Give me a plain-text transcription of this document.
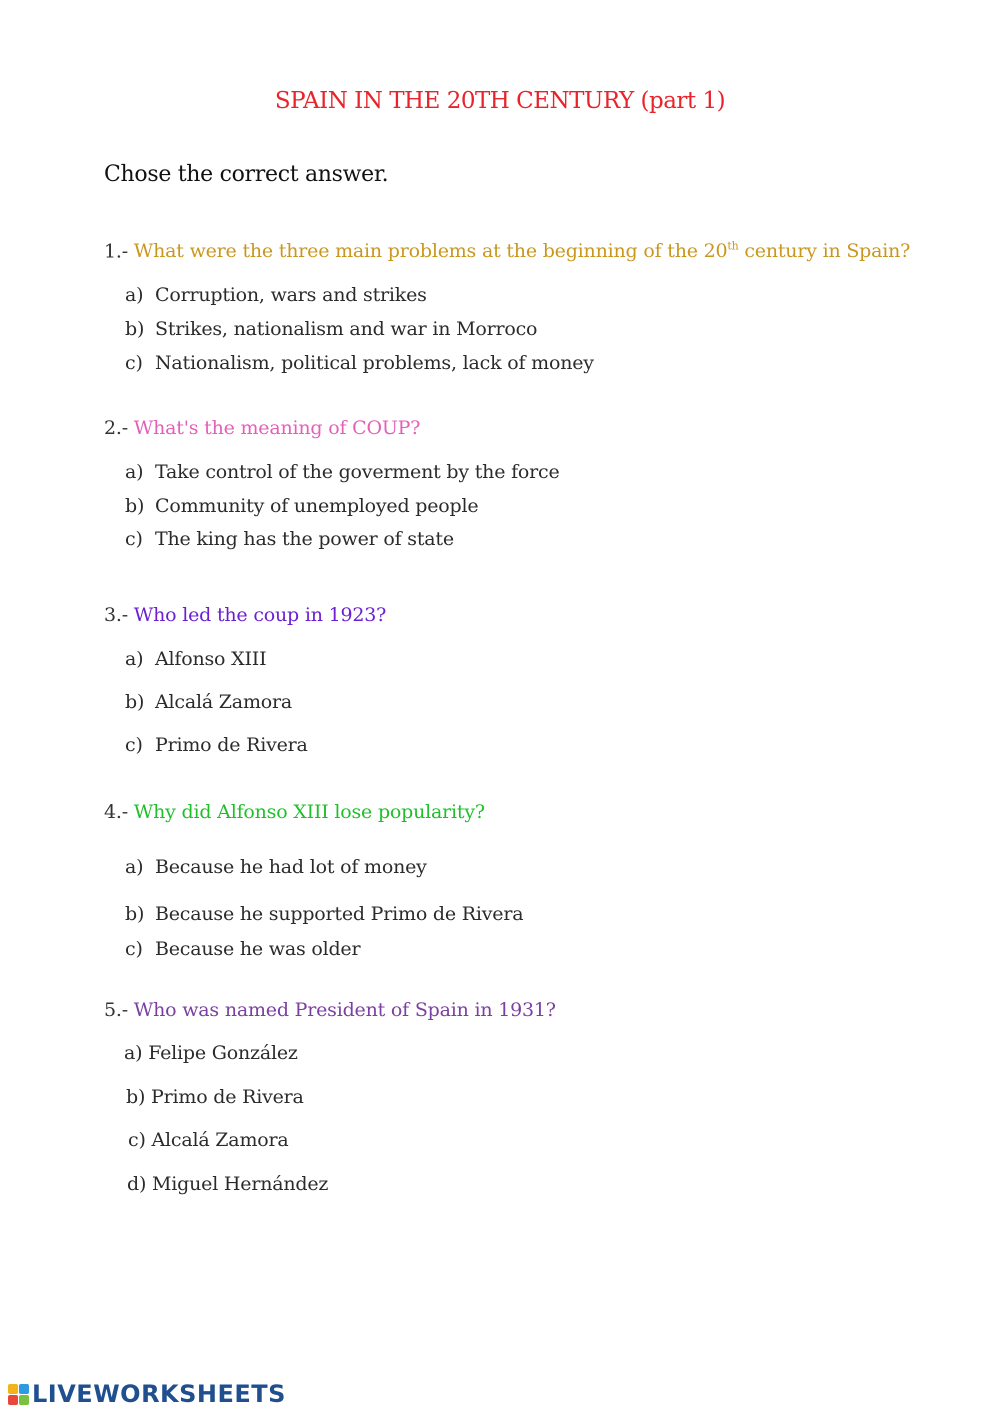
SPAIN IN THE 20TH CENTURY (part 1)
Chose the correct answer.
1.- What were the three main problems at the beginning of the 20th century in Spain?
a) Corruption, wars and strikes
b) Strikes, nationalism and war in Morroco
c) Nationalism, political problems, lack of money
2.- What's the meaning of COUP?
a) Take control of the goverment by the force
b) Community of unemployed people
c) The king has the power of state
3.- Who led the coup in 1923?
a) Alfonso XIII
b) Alcalá Zamora
c) Primo de Rivera
4.- Why did Alfonso XIII lose popularity?
a) Because he had lot of money
b) Because he supported Primo de Rivera
c) Because he was older
5.- Who was named President of Spain in 1931?
a) Felipe González
b) Primo de Rivera
c) Alcalá Zamora
d) Miguel Hernández
LIVEWORKSHEETS
